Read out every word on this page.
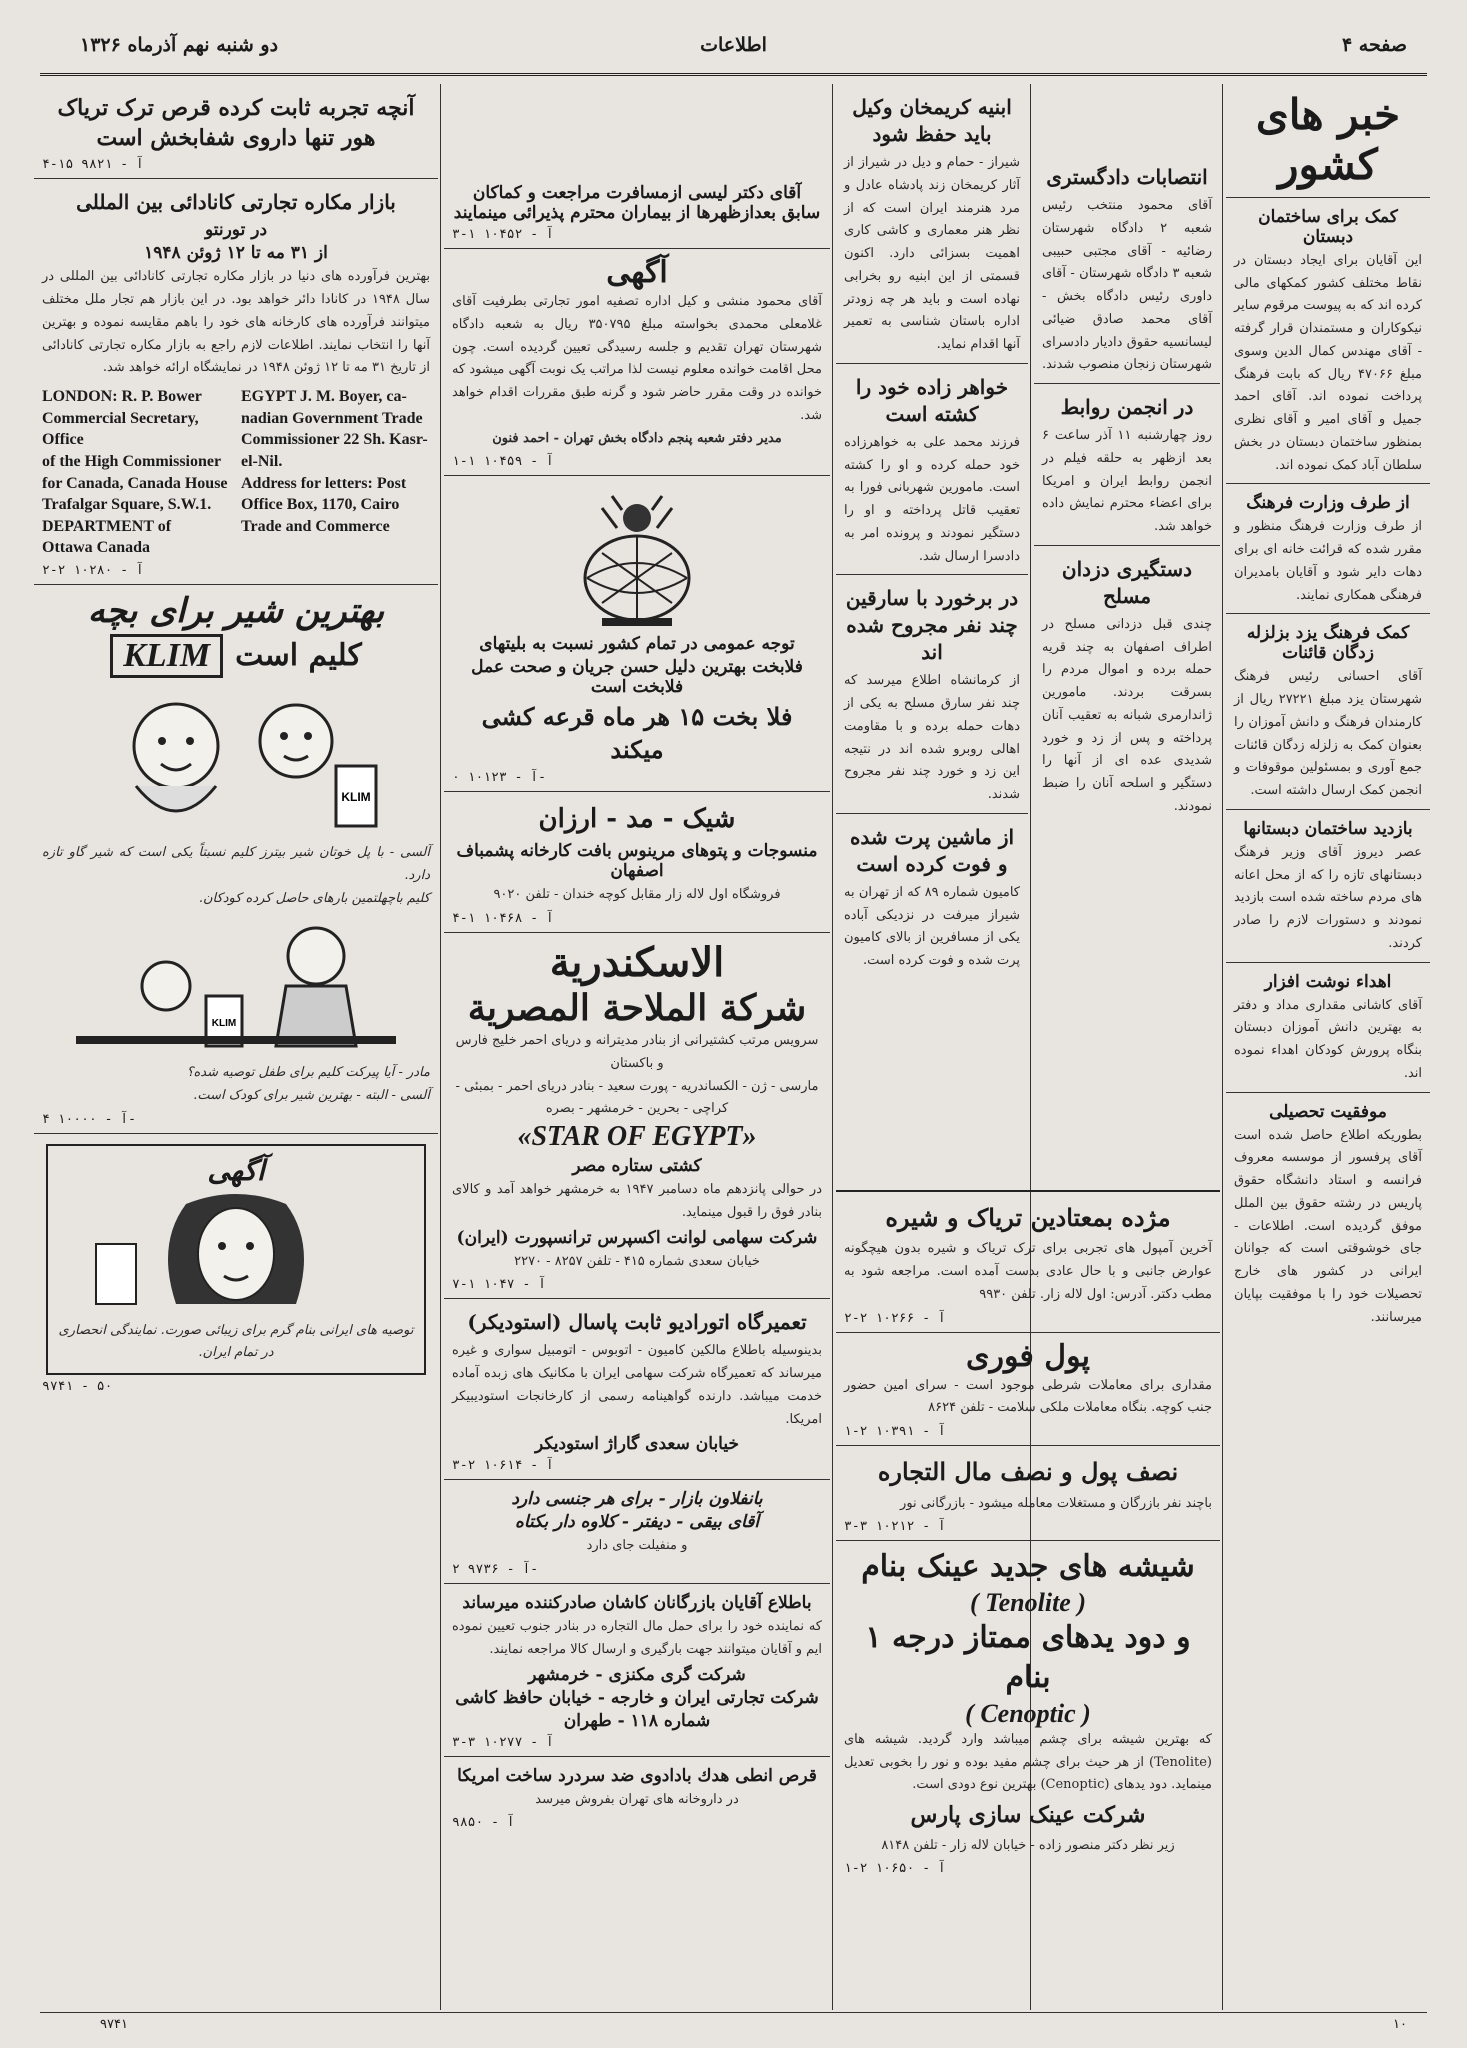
صفحه ۴
اطلاعات
دو شنبه نهم آذرماه ۱۳۲۶
خبر های کشور
کمک برای ساختمان دبستان
این آقایان برای ایجاد دبستان در نقاط مختلف کشور کمکهای مالی کرده اند که به پیوست مرقوم سایر نیکوکاران و مستمندان قرار گرفته - آقای مهندس کمال الدین وسوی مبلغ ۴۷۰۶۶ ریال که بابت فرهنگ پرداخت نموده اند. آقای احمد جمیل و آقای امیر و آقای نظری بمنظور ساختمان دبستان در بخش سلطان آباد کمک نموده اند.
از طرف وزارت فرهنگ
از طرف وزارت فرهنگ منظور و مقرر شده که قرائت خانه ای برای دهات دایر شود و آقایان بامدیران فرهنگی همکاری نمایند.
کمک فرهنگ یزد بزلزله زدگان قائنات
آقای احسانی رئیس فرهنگ شهرستان یزد مبلغ ۲۷۲۲۱ ریال از کارمندان فرهنگ و دانش آموزان را بعنوان کمک به زلزله زدگان قائنات جمع آوری و بمسئولین موقوفات و انجمن کمک ارسال داشته است.
بازدید ساختمان دبستانها
عصر دیروز آقای وزیر فرهنگ دبستانهای تازه را که از محل اعانه های مردم ساخته شده است بازدید نمودند و دستورات لازم را صادر کردند.
اهداء نوشت افزار
آقای کاشانی مقداری مداد و دفتر به بهترین دانش آموزان دبستان بنگاه پرورش کودکان اهداء نموده اند.
موفقیت تحصیلی
بطوریکه اطلاع حاصل شده است آقای پرفسور از موسسه معروف فرانسه و استاد دانشگاه حقوق پاریس در رشته حقوق بین الملل موفق گردیده است. اطلاعات - جای خوشوقتی است که جوانان ایرانی در کشور های خارج تحصیلات خود را با موفقیت بپایان میرسانند.
انتصابات دادگستری
آقای محمود منتخب رئیس شعبه ۲ دادگاه شهرستان رضائیه - آقای مجتبی حبیبی شعبه ۳ دادگاه شهرستان - آقای داوری رئیس دادگاه بخش - آقای محمد صادق ضیائی لیسانسیه حقوق دادیار دادسرای شهرستان زنجان منصوب شدند.
در انجمن روابط
روز چهارشنبه ۱۱ آذر ساعت ۶ بعد ازظهر به حلقه فیلم در انجمن روابط ایران و امریکا برای اعضاء محترم نمایش داده خواهد شد.
دستگیری دزدان مسلح
چندی قبل دزدانی مسلح در اطراف اصفهان به چند قریه حمله برده و اموال مردم را بسرقت بردند. مامورین ژاندارمری شبانه به تعقیب آنان پرداخته و پس از زد و خورد شدیدی عده ای از آنها را دستگیر و اسلحه آنان را ضبط نمودند.
ابنیه کریمخان وکیل باید حفظ شود
شیراز - حمام و دیل در شیراز از آثار کریمخان زند پادشاه عادل و مرد هنرمند ایران است که از نظر هنر معماری و کاشی کاری اهمیت بسزائی دارد. اکنون قسمتی از این ابنیه رو بخرابی نهاده است و باید هر چه زودتر اداره باستان شناسی به تعمیر آنها اقدام نماید.
خواهر زاده خود را کشته است
فرزند محمد علی به خواهرزاده خود حمله کرده و او را کشته است. مامورین شهربانی فورا به تعقیب قاتل پرداخته و او را دستگیر نمودند و پرونده امر به دادسرا ارسال شد.
در برخورد با سارقین چند نفر مجروح شده اند
از کرمانشاه اطلاع میرسد که چند نفر سارق مسلح به یکی از دهات حمله برده و با مقاومت اهالی روبرو شده اند در نتیجه این زد و خورد چند نفر مجروح شدند.
از ماشین پرت شده و فوت کرده است
کامیون شماره ۸۹ که از تهران به شیراز میرفت در نزدیکی آباده یکی از مسافرین از بالای کامیون پرت شده و فوت کرده است.
مژده بمعتادین تریاک و شیره
آخرین آمپول های تجربی برای ترک تریاک و شیره بدون هیچگونه عوارض جانبی و با حال عادی بدست آمده است. مراجعه شود به مطب دکتر. آدرس: اول لاله زار. تلفن ۹۹۳۰
آ - ۱۰۲۶۶ ۲-۲
پول فوری
مقداری برای معاملات شرطی موجود است - سرای امین حضور جنب کوچه. بنگاه معاملات ملکی سلامت - تلفن ۸۶۲۴
آ - ۱۰۳۹۱ ۲-۱
نصف پول و نصف مال التجاره
باچند نفر بازرگان و مستغلات معامله میشود - بازرگانی نور
آ - ۱۰۲۱۲ ۳-۳
شیشه های جدید عینک بنام
( Tenolite )
و دود یدهای ممتاز درجه ۱ بنام
( Cenoptic )
که بهترین شیشه برای چشم میباشد وارد گردید. شیشه های (Tenolite) از هر حیث برای چشم مفید بوده و نور را بخوبی تعدیل مینماید. دود یدهای (Cenoptic) بهترین نوع دودی است.
شرکت عینک سازی پارس
زیر نظر دکتر منصور زاده - خیابان لاله زار - تلفن ۸۱۴۸
آ - ۱۰۶۵۰ ۲-۱
آقای دکتر لیسی ازمسافرت مراجعت و کماکان سابق بعدازظهرها از بیماران محترم پذیرائی مینمایند
آ - ۱۰۴۵۲ ۱-۳
آگهی
آقای محمود منشی و کیل اداره تصفیه امور تجارتی بطرفیت آقای غلامعلی محمدی بخواسته مبلغ ۳۵۰۷۹۵ ریال به شعبه دادگاه شهرستان تهران تقدیم و جلسه رسیدگی تعیین گردیده است. چون محل اقامت خوانده معلوم نیست لذا مراتب یک نوبت آگهی میشود که خوانده در وقت مقرر حاضر شود و گرنه طبق مقررات اقدام خواهد شد.
مدیر دفتر شعبه پنجم دادگاه بخش تهران - احمد فنون
آ - ۱۰۴۵۹ ۱-۱
توجه عمومی در تمام کشور نسبت به بلیتهای
فلابخت بهترین دلیل حسن جریان و صحت عمل فلابخت است
فلا بخت ۱۵ هر ماه قرعه کشی میکند
آ - ۱۰۱۲۳ ۰-
شیک - مد - ارزان
منسوجات و پتوهای مرینوس بافت کارخانه پشمباف اصفهان
فروشگاه اول لاله زار مقابل کوچه خندان - تلفن ۹۰۲۰
آ - ۱۰۴۶۸ ۱-۴
الاسكندرية
شركة الملاحة المصرية
سرویس مرتب کشتیرانی از بنادر مدیترانه و دریای احمر خلیج فارس و باکستان
مارسی - ژن - الکساندریه - پورت سعید - بنادر دریای احمر - بمبئی - کراچی - بحرین - خرمشهر - بصره
«STAR OF EGYPT»
کشتی ستاره مصر
در حوالی پانزدهم ماه دسامبر ۱۹۴۷ به خرمشهر خواهد آمد و کالای بنادر فوق را قبول مینماید.
شرکت سهامی لوانت اکسپرس ترانسپورت (ایران)
خیابان سعدی شماره ۴۱۵ - تلفن ۸۲۵۷ - ۲۲۷۰
آ - ۱۰۴۷ ۱-۷
تعمیرگاه اتوراديو ثابت پاسال (استودیکر)
بدینوسیله باطلاع مالکین کامیون - اتوبوس - اتومبیل سواری و غیره میرساند که تعمیرگاه شرکت سهامی ایران با مکانیک های زبده آماده خدمت میباشد. دارنده گواهینامه رسمی از کارخانجات استودیبیکر امریکا.
خیابان سعدی گاراژ استودیکر
آ - ۱۰۶۱۴ ۲-۳
بانفلاون بازار - برای هر جنسی دارد
آقای بیقی - دیفتر - کلاوه دار بکتاه
و منفیلت جای دارد
آ - ۹۷۳۶ ۲-
باطلاع آقایان بازرگانان کاشان صادرکننده میرساند
که نماینده خود را برای حمل مال التجاره در بنادر جنوب تعیین نموده ایم و آقایان میتوانند جهت بارگیری و ارسال کالا مراجعه نمایند.
شرکت گری مکنزی - خرمشهر
شرکت تجارتی ایران و خارجه - خیابان حافظ کاشی
شماره ۱۱۸ - طهران
آ - ۱۰۲۷۷ ۳-۳
قرص انطی هدك بادادوی ضد سردرد ساخت امریکا
در داروخانه های تهران بفروش میرسد
آ - ۹۸۵۰
آنچه تجربه ثابت کرده قرص ترک تریاک هور تنها داروی شفابخش است
آ - ۹۸۲۱ ۱۵-۴
بازار مکاره تجارتی کانادائی بین المللی
در تورنتو
از ۳۱ مه تا ۱۲ ژوئن ۱۹۴۸
بهترین فرآورده های دنیا در بازار مکاره تجارتی کانادائی بین المللی در سال ۱۹۴۸ در کانادا دائر خواهد بود. در این بازار هم تجار ملل مختلف میتوانند فرآورده های کارخانه های خود را باهم مقایسه نموده و بهترین آنها را انتخاب نمایند. اطلاعات لازم راجع به بازار مکاره تجارتی کانادائی از تاریخ ۳۱ مه تا ۱۲ ژوئن ۱۹۴۸ در نمایشگاه ارائه خواهد شد.
LONDON: R. P. Bower
Commercial Secretary, Office
of the High Commissioner
for Canada, Canada House
Trafalgar Square, S.W.1.
DEPARTMENT of
Ottawa Canada
EGYPT J. M. Boyer, ca-
nadian Government Trade
Commissioner 22 Sh. Kasr-
el-Nil.
Address for letters: Post
Office Box, 1170, Cairo
Trade and Commerce
آ - ۱۰۲۸۰ ۲-۲
بهترین شیر برای بچه
KLIM کلیم است
KLIM
آلسی - با پل خوتان شیر بیترز کلیم نسبتاً یکی است که شیر گاو تازه دارد.
کلیم باچهلتمین بارهای حاصل کرده کودکان.
KLIM
مادر - آیا پیرکت کلیم برای طفل توصیه شده؟
آلسی - البته - بهترین شیر برای کودک است.
آ - ۱۰۰۰۰ ۴-
آگهی
توصیه های ایرانی بنام گرم برای زیبائی صورت. نمایندگی انحصاری در تمام ایران.
۹۷۴۱ - ۵۰
۱۰
۹۷۴۱
